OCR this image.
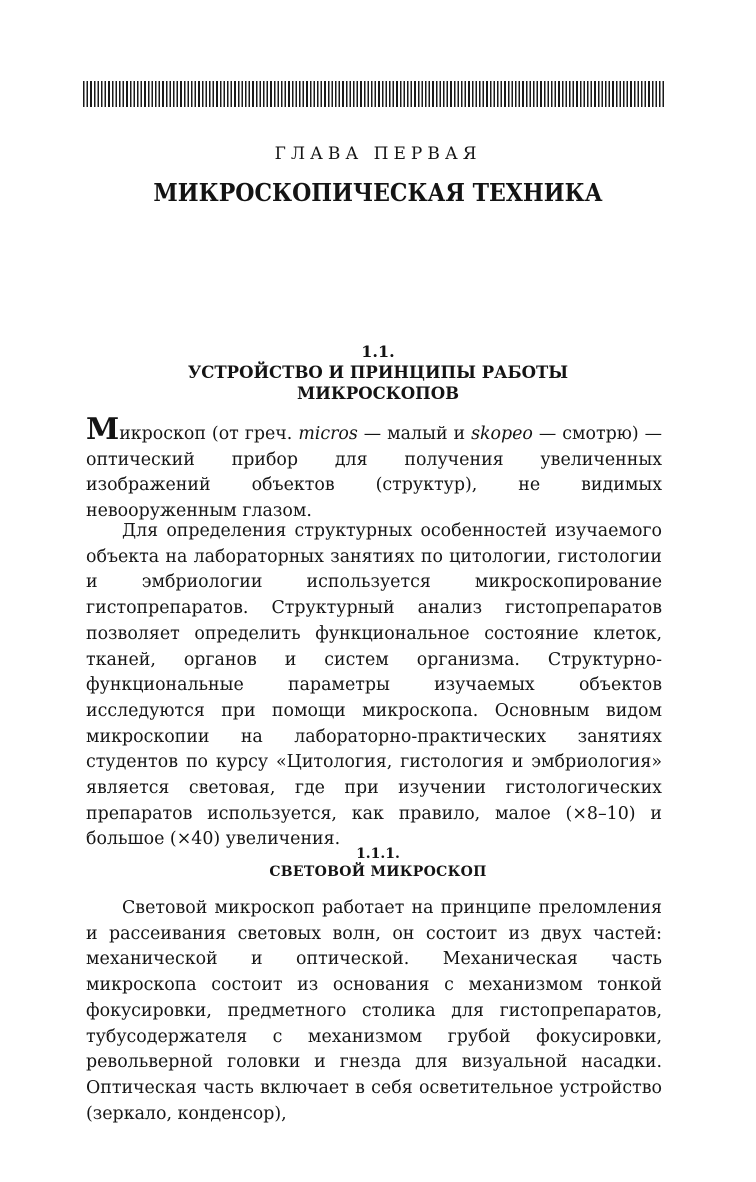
ГЛАВА ПЕРВАЯ
МИКРОСКОПИЧЕСКАЯ ТЕХНИКА
1.1.
УСТРОЙСТВО И ПРИНЦИПЫ РАБОТЫ
МИКРОСКОПОВ
Микроскоп (от греч. micros — малый и skopeo — смотрю) — оптический прибор для получения увеличенных изображений объектов (структур), не видимых невооруженным глазом.
Для определения структурных особенностей изучаемого объекта на лабораторных занятиях по цитологии, гистологии и эмбриологии используется микроскопирование гистопрепаратов. Структурный анализ гистопрепаратов позволяет определить функциональное состояние клеток, тканей, органов и систем организма. Структурно-функциональные параметры изучаемых объектов исследуются при помощи микроскопа. Основным видом микроскопии на лабораторно-практических занятиях студентов по курсу «Цитология, гистология и эмбриология» является световая, где при изучении гистологических препаратов используется, как правило, малое (×8–10) и большое (×40) увеличения.
1.1.1.
СВЕТОВОЙ МИКРОСКОП
Световой микроскоп работает на принципе преломления и рассеивания световых волн, он состоит из двух частей: механической и оптической. Механическая часть микроскопа состоит из основания с механизмом тонкой фокусировки, предметного столика для гистопрепаратов, тубусодержателя с механизмом грубой фокусировки, револьверной головки и гнезда для визуальной насадки. Оптическая часть включает в себя осветительное устройство (зеркало, конденсор),
